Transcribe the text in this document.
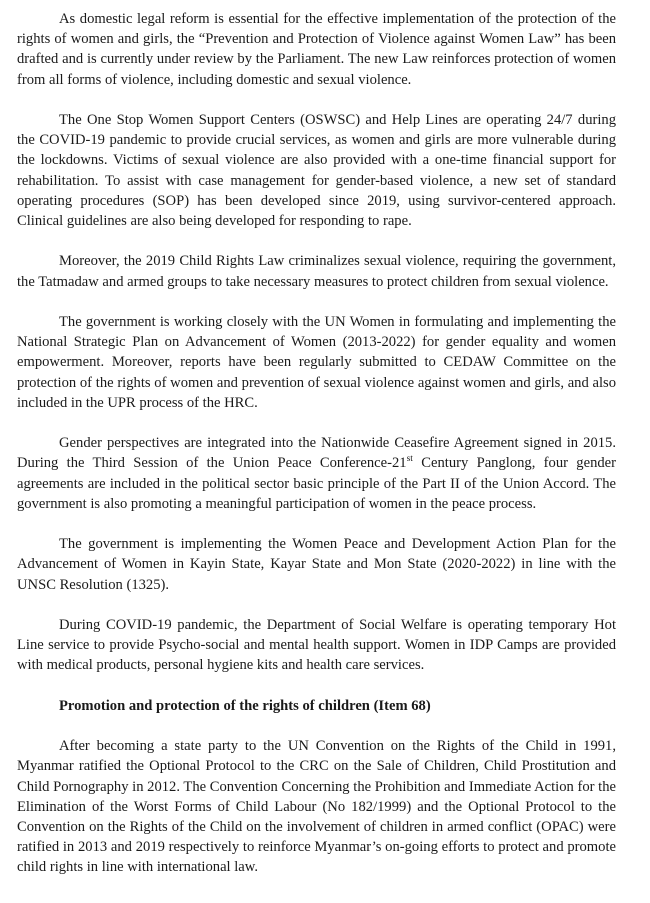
As domestic legal reform is essential for the effective implementation of the protection of the rights of women and girls, the “Prevention and Protection of Violence against Women Law” has been drafted and is currently under review by the Parliament. The new Law reinforces protection of women from all forms of violence, including domestic and sexual violence.

The One Stop Women Support Centers (OSWSC) and Help Lines are operating 24/7 during the COVID-19 pandemic to provide crucial services, as women and girls are more vulnerable during the lockdowns. Victims of sexual violence are also provided with a one-time financial support for rehabilitation. To assist with case management for gender-based violence, a new set of standard operating procedures (SOP) has been developed since 2019, using survivor-centered approach. Clinical guidelines are also being developed for responding to rape.

Moreover, the 2019 Child Rights Law criminalizes sexual violence, requiring the government, the Tatmadaw and armed groups to take necessary measures to protect children from sexual violence.

The government is working closely with the UN Women in formulating and implementing the National Strategic Plan on Advancement of Women (2013-2022) for gender equality and women empowerment. Moreover, reports have been regularly submitted to CEDAW Committee on the protection of the rights of women and prevention of sexual violence against women and girls, and also included in the UPR process of the HRC.

Gender perspectives are integrated into the Nationwide Ceasefire Agreement signed in 2015. During the Third Session of the Union Peace Conference-21st Century Panglong, four gender agreements are included in the political sector basic principle of the Part II of the Union Accord. The government is also promoting a meaningful participation of women in the peace process.

The government is implementing the Women Peace and Development Action Plan for the Advancement of Women in Kayin State, Kayar State and Mon State (2020-2022) in line with the UNSC Resolution (1325).

During COVID-19 pandemic, the Department of Social Welfare is operating temporary Hot Line service to provide Psycho-social and mental health support. Women in IDP Camps are provided with medical products, personal hygiene kits and health care services.

Promotion and protection of the rights of children (Item 68)

After becoming a state party to the UN Convention on the Rights of the Child in 1991, Myanmar ratified the Optional Protocol to the CRC on the Sale of Children, Child Prostitution and Child Pornography in 2012. The Convention Concerning the Prohibition and Immediate Action for the Elimination of the Worst Forms of Child Labour (No 182/1999) and the Optional Protocol to the Convention on the Rights of the Child on the involvement of children in armed conflict (OPAC) were ratified in 2013 and 2019 respectively to reinforce Myanmar’s on-going efforts to protect and promote child rights in line with international law.
